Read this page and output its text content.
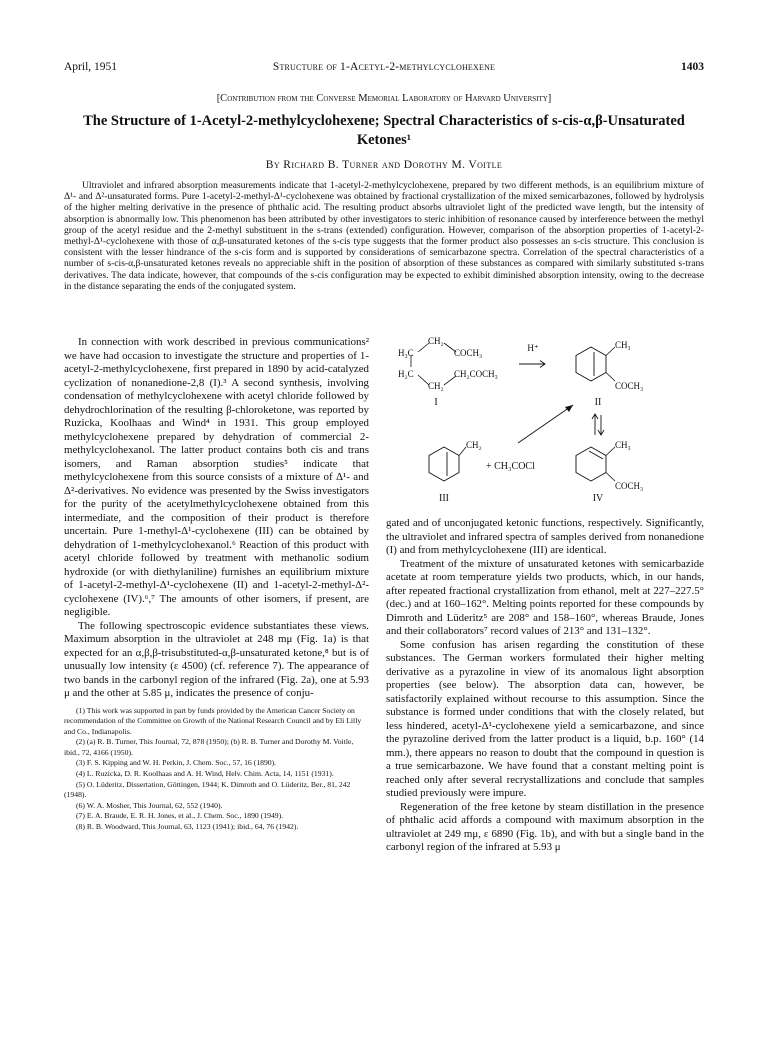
April, 1951	Structure of 1-Acetyl-2-methylcyclohexene	1403
[Contribution from the Converse Memorial Laboratory of Harvard University]
The Structure of 1-Acetyl-2-methylcyclohexene; Spectral Characteristics of s-cis-α,β-Unsaturated Ketones¹
By Richard B. Turner and Dorothy M. Voitle

Ultraviolet and infrared absorption measurements indicate that 1-acetyl-2-methylcyclohexene, prepared by two different methods, is an equilibrium mixture of Δ¹- and Δ²-unsaturated forms. Pure 1-acetyl-2-methyl-Δ¹-cyclohexene was obtained by fractional crystallization of the mixed semicarbazones, followed by hydrolysis of the higher melting derivative in the presence of phthalic acid. The resulting product absorbs ultraviolet light of the predicted wave length, but the intensity of absorption is abnormally low. This phenomenon has been attributed by other investigators to steric inhibition of resonance caused by interference between the methyl group of the acetyl residue and the 2-methyl substituent in the s-trans (extended) configuration. However, comparison of the absorption properties of 1-acetyl-2-methyl-Δ¹-cyclohexene with those of α,β-unsaturated ketones of the s-cis type suggests that the former product also possesses an s-cis structure. This conclusion is consistent with the lesser hindrance of the s-cis form and is supported by considerations of semicarbazone spectra. Correlation of the spectral characteristics of a number of s-cis-α,β-unsaturated ketones reveals no appreciable shift in the position of absorption of these substances as compared with similarly substituted s-trans derivatives. The data indicate, however, that compounds of the s-cis configuration may be expected to exhibit diminished absorption intensity, owing to the decrease in the distance separating the ends of the conjugated system.

In connection with work described in previous communications² we have had occasion to investigate the structure and properties of 1-acetyl-2-methylcyclohexene, first prepared in 1890 by acid-catalyzed cyclization of nonanedione-2,8 (I).³ A second synthesis, involving condensation of methylcyclohexene with acetyl chloride followed by dehydrochlorination of the resulting β-chloroketone, was reported by Ruzicka, Koolhaas and Wind⁴ in 1931. This group employed methylcyclohexene prepared by dehydration of commercial 2-methylcyclohexanol. The latter product contains both cis and trans isomers, and Raman absorption studies⁵ indicate that methylcyclohexene from this source consists of a mixture of Δ¹- and Δ²-derivatives. No evidence was presented by the Swiss investigators for the purity of the acetylmethylcyclohexene obtained from this intermediate, and the composition of their product is therefore uncertain. Pure 1-methyl-Δ¹-cyclohexene (III) can be obtained by dehydration of 1-methylcyclohexanol.⁶ Reaction of this product with acetyl chloride followed by treatment with methanolic sodium hydroxide (or with diethylaniline) furnishes an equilibrium mixture of 1-acetyl-2-methyl-Δ¹-cyclohexene (II) and 1-acetyl-2-methyl-Δ²-cyclohexene (IV).⁶,⁷ The amounts of other isomers, if present, are negligible.

The following spectroscopic evidence substantiates these views. Maximum absorption in the ultraviolet at 248 mμ (Fig. 1a) is that expected for an α,β,β-trisubstituted-α,β-unsaturated ketone,⁸ but is of unusually low intensity (ε 4500) (cf. reference 7). The appearance of two bands in the carbonyl region of the infrared (Fig. 2a), one at 5.93 μ and the other at 5.85 μ, indicates the presence of conju-

(1) This work was supported in part by funds provided by the American Cancer Society on recommendation of the Committee on Growth of the National Research Council and by Eli Lilly and Co., Indianapolis.
(2) (a) R. B. Turner, This Journal, 72, 878 (1950); (b) R. B. Turner and Dorothy M. Voitle, ibid., 72, 4166 (1950).
(3) F. S. Kipping and W. H. Perkin, J. Chem. Soc., 57, 16 (1890).
(4) L. Ruzicka, D. R. Koolhaas and A. H. Wind, Helv. Chim. Acta, 14, 1151 (1931).
(5) O. Lüderitz, Dissertation, Göttingen, 1944; K. Dimroth and O. Lüderitz, Ber., 81, 242 (1948).
(6) W. A. Mosher, This Journal, 62, 552 (1940).
(7) E. A. Braude, E. R. H. Jones, et al., J. Chem. Soc., 1890 (1949).
(8) R. B. Woodward, This Journal, 63, 1123 (1941); ibid., 64, 76 (1942).
CH₂
H₃C	COCH₃
H₂C	CH₂COCH₃
CH₂
I
H⁺	CH₃
COCH₃
II
CH₂
III
+ CH₃COCl
CH₃
COCH₃
IV

gated and of unconjugated ketonic functions, respectively. Significantly, the ultraviolet and infrared spectra of samples derived from nonanedione (I) and from methylcyclohexene (III) are identical.

Treatment of the mixture of unsaturated ketones with semicarbazide acetate at room temperature yields two products, which, in our hands, after repeated fractional crystallization from ethanol, melt at 227–227.5° (dec.) and at 160–162°. Melting points reported for these compounds by Dimroth and Lüderitz⁵ are 208° and 158–160°, whereas Braude, Jones and their collaborators⁷ record values of 213° and 131–132°.

Some confusion has arisen regarding the constitution of these substances. The German workers formulated their higher melting derivative as a pyrazoline in view of its anomalous light absorption properties (see below). The absorption data can, however, be satisfactorily explained without recourse to this assumption. Since the substance is formed under conditions that with the closely related, but less hindered, acetyl-Δ¹-cyclohexene yield a semicarbazone, and since the pyrazoline derived from the latter product is a liquid, b.p. 160° (14 mm.), there appears no reason to doubt that the compound in question is a true semicarbazone. We have found that a constant melting point is reached only after several recrystallizations and conclude that samples studied previously were impure.

Regeneration of the free ketone by steam distillation in the presence of phthalic acid affords a compound with maximum absorption in the ultraviolet at 249 mμ, ε 6890 (Fig. 1b), and with but a single band in the carbonyl region of the infrared at 5.93 μ
